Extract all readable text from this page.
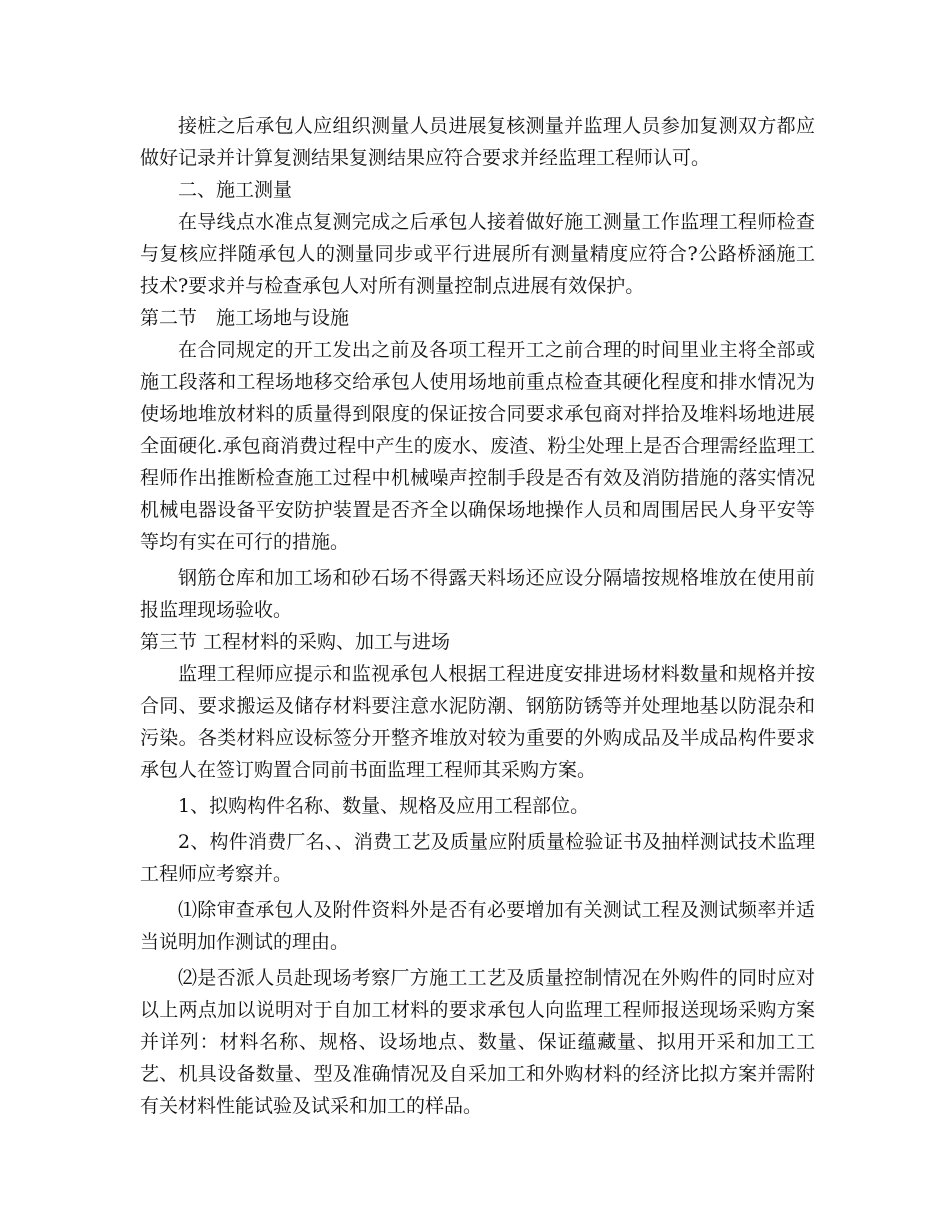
接桩之后承包人应组织测量人员进展复核测量并监理人员参加复测双方都应做好记录并计算复测结果复测结果应符合要求并经监理工程师认可。

二、施工测量

在导线点水准点复测完成之后承包人接着做好施工测量工作监理工程师检查与复核应拌随承包人的测量同步或平行进展所有测量精度应符合?公路桥涵施工技术?要求并与检查承包人对所有测量控制点进展有效保护。

第二节　施工场地与设施

在合同规定的开工发出之前及各项工程开工之前合理的时间里业主将全部或施工段落和工程场地移交给承包人使用场地前重点检查其硬化程度和排水情况为使场地堆放材料的质量得到限度的保证按合同要求承包商对拌拾及堆料场地进展全面硬化.承包商消费过程中产生的废水、废渣、粉尘处理上是否合理需经监理工程师作出推断检查施工过程中机械噪声控制手段是否有效及消防措施的落实情况机械电器设备平安防护装置是否齐全以确保场地操作人员和周围居民人身平安等等均有实在可行的措施。

钢筋仓库和加工场和砂石场不得露天料场还应设分隔墙按规格堆放在使用前报监理现场验收。

第三节 工程材料的采购、加工与进场

监理工程师应提示和监视承包人根据工程进度安排进场材料数量和规格并按合同、要求搬运及储存材料要注意水泥防潮、钢筋防锈等并处理地基以防混杂和污染。各类材料应设标签分开整齐堆放对较为重要的外购成品及半成品构件要求承包人在签订购置合同前书面监理工程师其采购方案。

1、拟购构件名称、数量、规格及应用工程部位。

2、构件消费厂名、、消费工艺及质量应附质量检验证书及抽样测试技术监理工程师应考察并。

⑴除审查承包人及附件资料外是否有必要增加有关测试工程及测试频率并适当说明加作测试的理由。

⑵是否派人员赴现场考察厂方施工工艺及质量控制情况在外购件的同时应对以上两点加以说明对于自加工材料的要求承包人向监理工程师报送现场采购方案并详列：材料名称、规格、设场地点、数量、保证蕴藏量、拟用开采和加工工艺、机具设备数量、型及准确情况及自采加工和外购材料的经济比拟方案并需附有关材料性能试验及试采和加工的样品。
